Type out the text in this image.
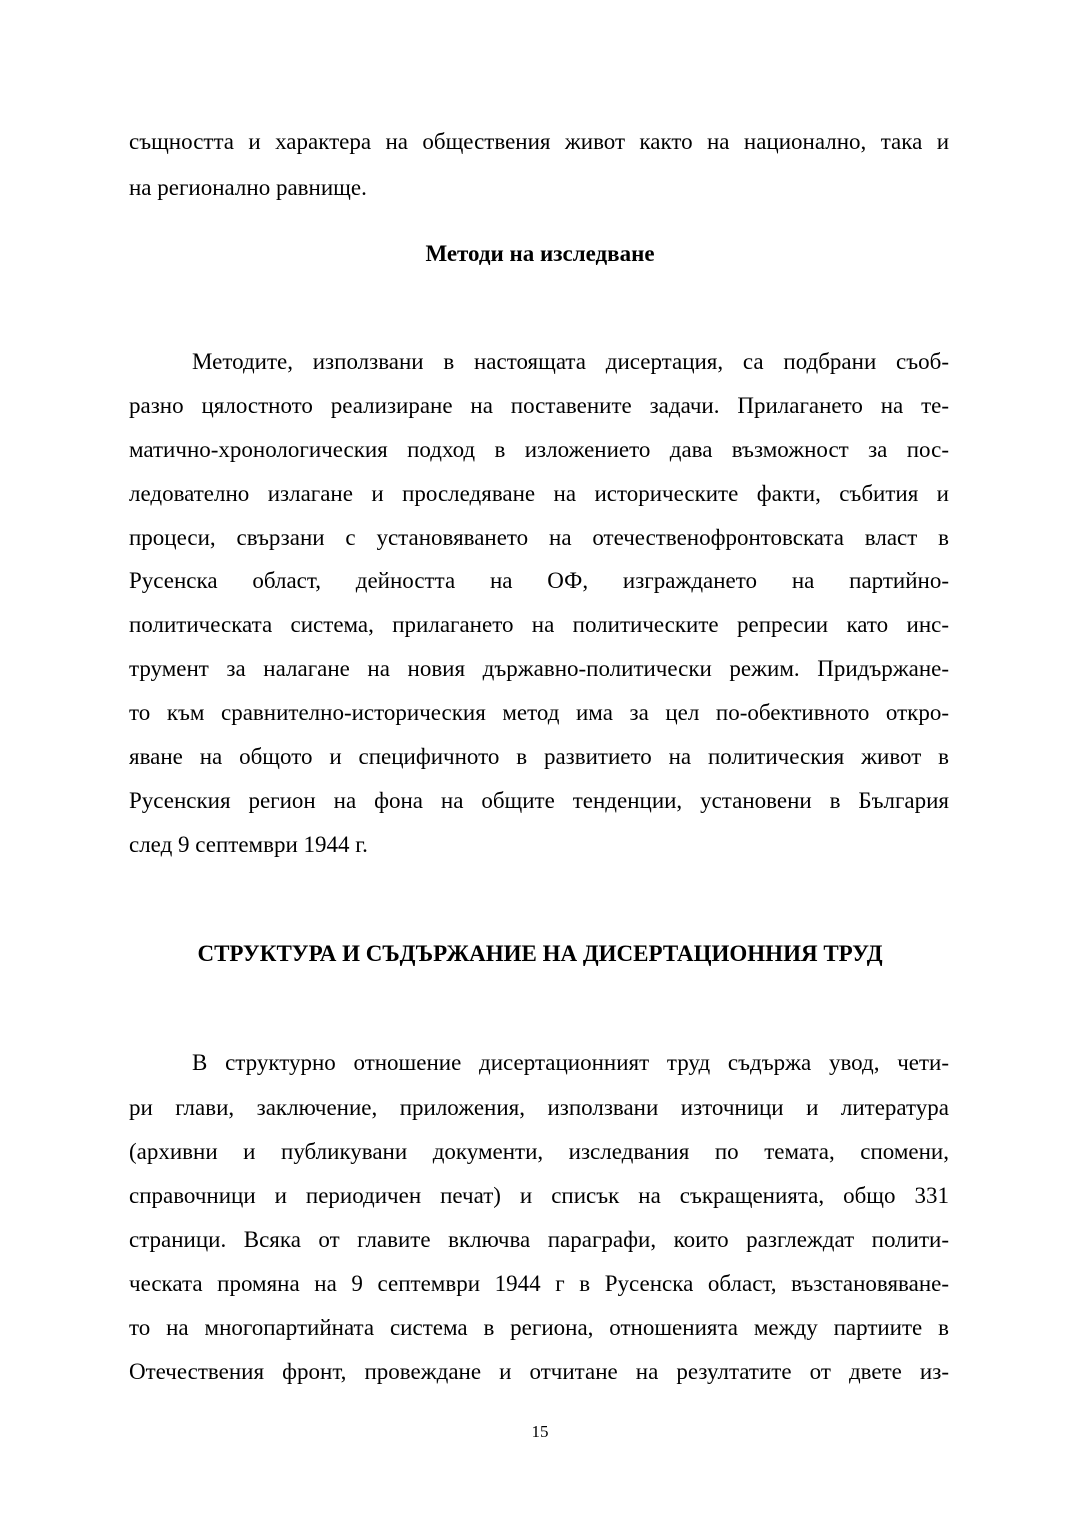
същността и характера на обществения живот както на национално, така и
на регионално равнище.
Методи на изследване
Методите, използвани в настоящата дисертация, са подбрани съоб-
разно цялостното реализиране на поставените задачи. Прилагането на те-
матично-хронологическия подход в изложението дава възможност за пос-
ледователно излагане и проследяване на историческите факти, събития и
процеси, свързани с установяването на отечественофронтовската власт в
Русенска област, дейността на ОФ, изграждането на партийно-
политическата система, прилагането на политическите репресии като инс-
трумент за налагане на новия държавно-политически режим. Придържане-
то към сравнително-историческия метод има за цел по-обективното откро-
яване на общото и специфичното в развитието на политическия живот в
Русенския регион на фона на общите тенденции, установени в България
след 9 септември 1944 г.
СТРУКТУРА И СЪДЪРЖАНИЕ НА ДИСЕРТАЦИОННИЯ ТРУД
В структурно отношение дисертационният труд съдържа увод, чети-
ри глави, заключение, приложения, използвани източници и литература
(архивни и публикувани документи, изследвания по темата, спомени,
справочници и периодичен печат) и списък на съкращенията, общо 331
страници. Всяка от главите включва параграфи, които разглеждат полити-
ческата промяна на 9 септември 1944 г в Русенска област, възстановяване-
то на многопартийната система в региона, отношенията между партиите в
Отечествения фронт, провеждане и отчитане на резултатите от двете из-
15
